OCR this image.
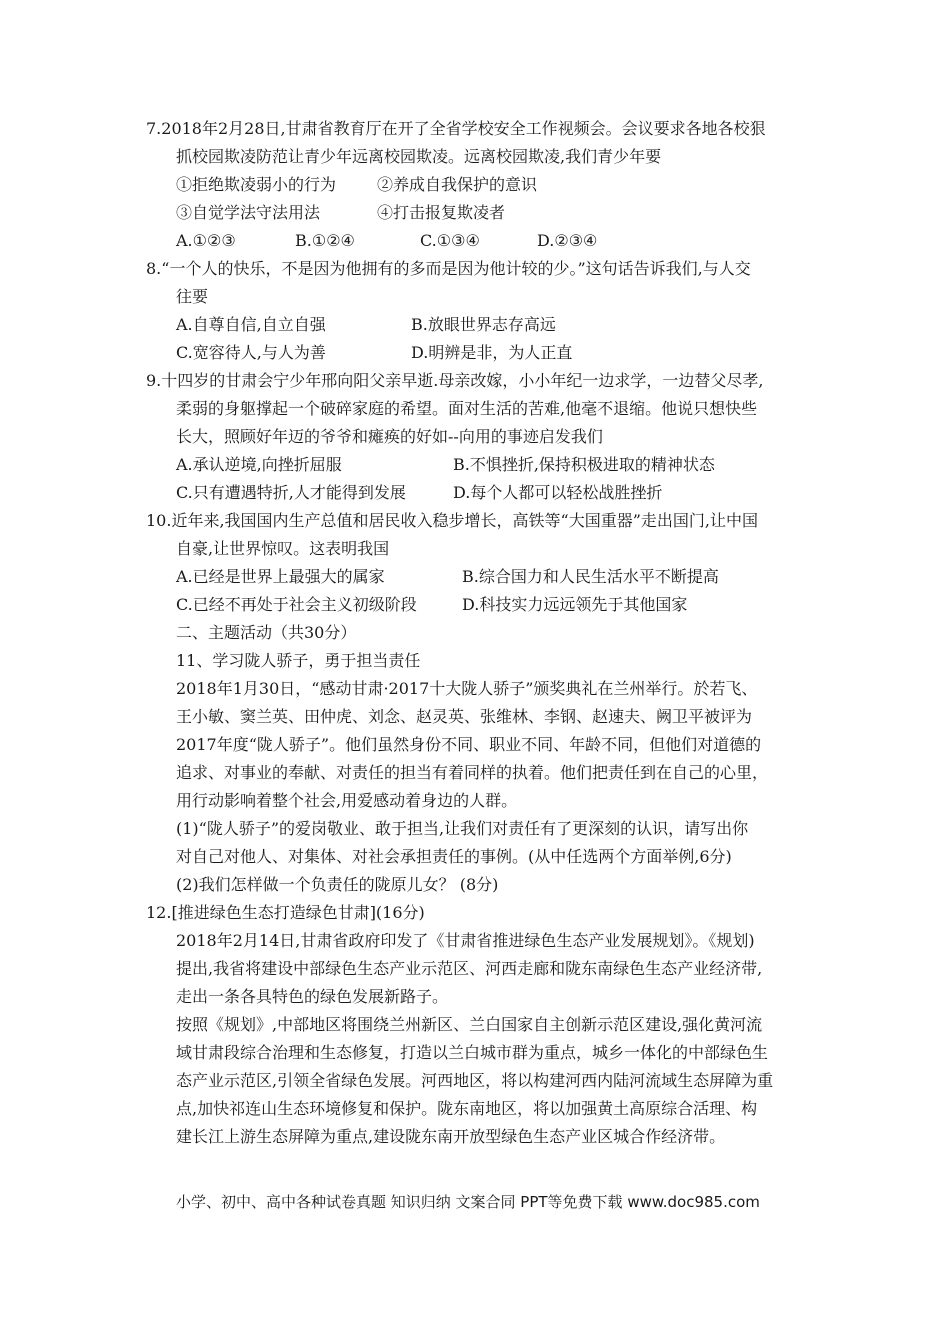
7.2018年2月28日,甘肃省教育厅在开了全省学校安全工作视频会。会议要求各地各校狠
抓校园欺凌防范让青少年远离校园欺凌。远离校园欺凌,我们青少年要
①拒绝欺凌弱小的行为	②养成自我保护的意识
③自觉学法守法用法	④打击报复欺凌者
A.①②③	B.①②④	C.①③④	D.②③④
8.“一个人的快乐，不是因为他拥有的多而是因为他计较的少。”这句话告诉我们,与人交
往要
A.自尊自信,自立自强	B.放眼世界志存高远
C.宽容待人,与人为善	D.明辨是非，为人正直
9.十四岁的甘肃会宁少年邢向阳父亲早逝.母亲改嫁，小小年纪一边求学，一边替父尽孝,
柔弱的身躯撑起一个破碎家庭的希望。面对生活的苦难,他毫不退缩。他说只想快些
长大，照顾好年迈的爷爷和瘫痪的好如--向用的事迹启发我们
A.承认逆境,向挫折屈服	B.不惧挫折,保持积极进取的精神状态
C.只有遭遇特折,人才能得到发展	D.每个人都可以轻松战胜挫折
10.近年来,我国国内生产总值和居民收入稳步增长，高铁等“大国重器”走出国门,让中国
自豪,让世界惊叹。这表明我国
A.已经是世界上最强大的属家	B.综合国力和人民生活水平不断提高
C.已经不再处于社会主义初级阶段	D.科技实力远远领先于其他国家
二、主题活动（共30分）
11、学习陇人骄子，勇于担当责任
2018年1月30日，“感动甘肃·2017十大陇人骄子”颁奖典礼在兰州举行。於若飞、
王小敏、窦兰英、田仲虎、刘念、赵灵英、张维林、李钢、赵速夫、阙卫平被评为
2017年度“陇人骄子”。他们虽然身份不同、职业不同、年龄不同，但他们对道德的
追求、对事业的奉献、对责任的担当有着同样的执着。他们把责任到在自己的心里，
用行动影响着整个社会,用爱感动着身边的人群。
(1)“陇人骄子”的爱岗敬业、敢于担当,让我们对责任有了更深刻的认识，请写出你
对自己对他人、对集体、对社会承担责任的事例。(从中任选两个方面举例,6分)
(2)我们怎样做一个负责任的陇原儿女？ (8分)
12.[推进绿色生态打造绿色甘肃](16分)
2018年2月14日,甘肃省政府印发了《甘肃省推进绿色生态产业发展规划》。《规划)
提出,我省将建设中部绿色生态产业示范区、河西走廊和陇东南绿色生态产业经济带,
走出一条各具特色的绿色发展新路子。
按照《规划》,中部地区将围绕兰州新区、兰白国家自主创新示范区建设,强化黄河流
域甘肃段综合治理和生态修复，打造以兰白城市群为重点，城乡一体化的中部绿色生
态产业示范区,引领全省绿色发展。河西地区，将以构建河西内陆河流域生态屏障为重
点,加快祁连山生态环境修复和保护。陇东南地区，将以加强黄土高原综合活理、构
建长江上游生态屏障为重点,建设陇东南开放型绿色生态产业区城合作经济带。
小学、初中、高中各种试卷真题 知识归纳 文案合同 PPT等免费下载 www.doc985.com
